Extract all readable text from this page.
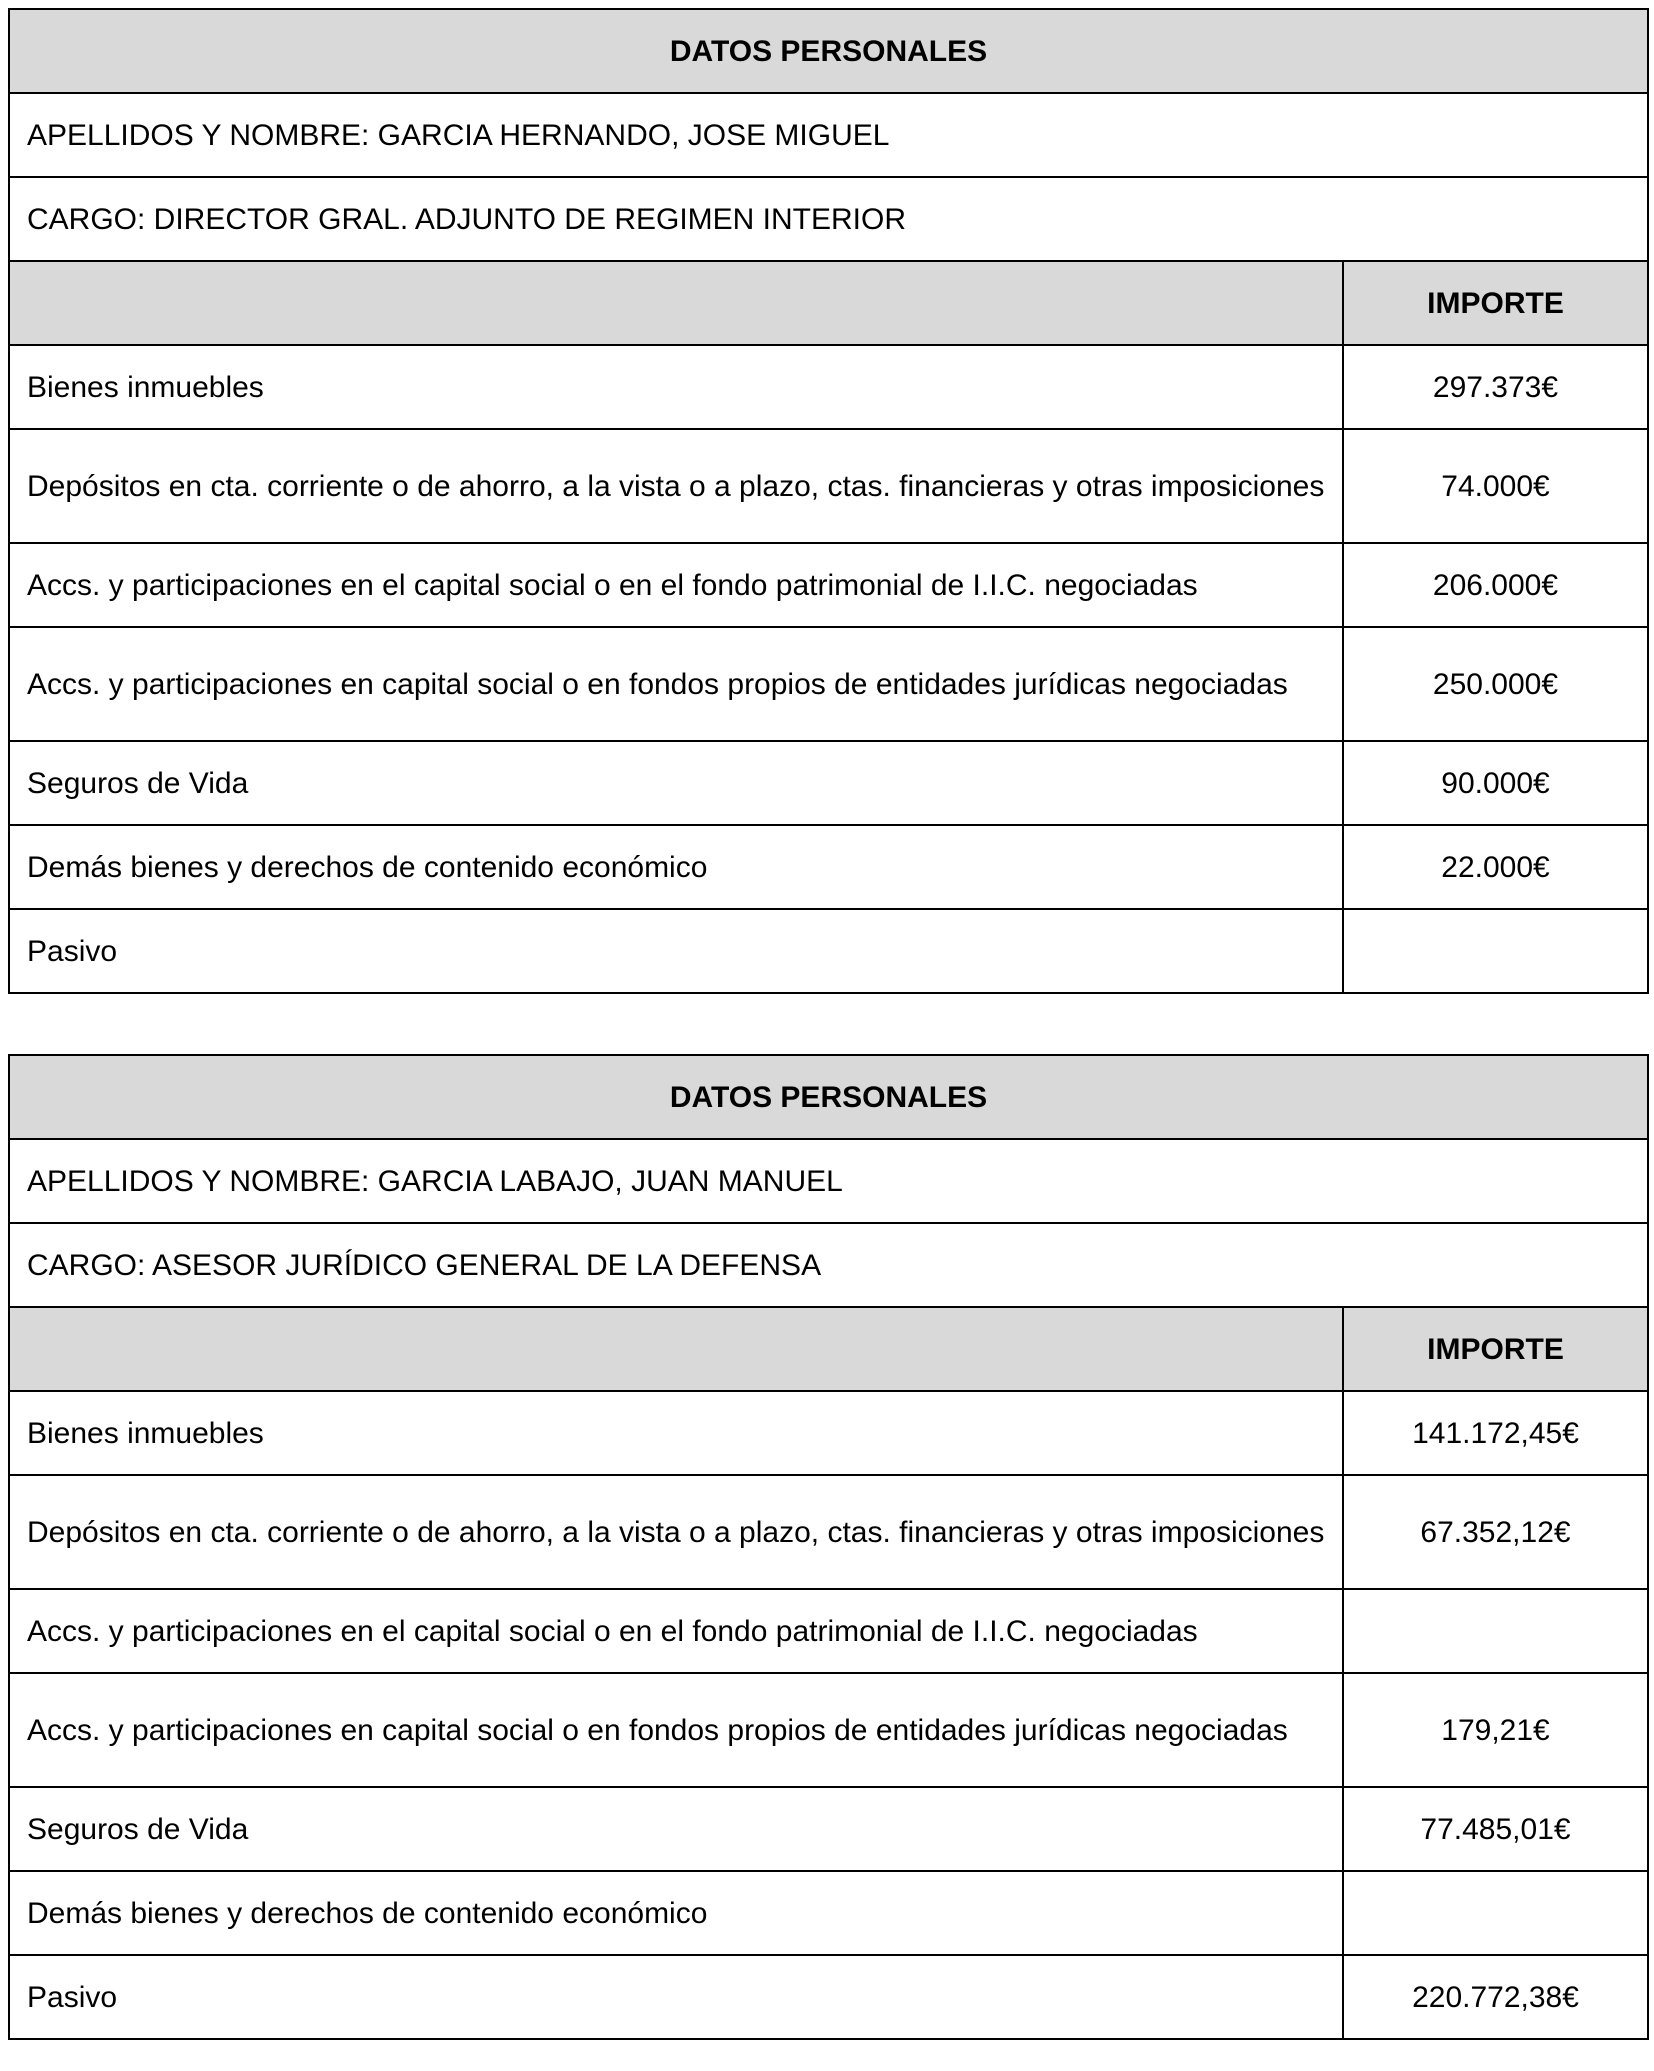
DATOS PERSONALES	
APELLIDOS Y NOMBRE: GARCIA HERNANDO, JOSE MIGUEL	
CARGO: DIRECTOR GRAL. ADJUNTO DE REGIMEN INTERIOR	
	IMPORTE
Bienes inmuebles	297.373€
Depósitos en cta. corriente o de ahorro, a la vista o a plazo, ctas. financieras y otras imposiciones	74.000€
Accs. y participaciones en el capital social o en el fondo patrimonial de I.I.C. negociadas	206.000€
Accs. y participaciones en capital social o en fondos propios de entidades jurídicas negociadas	250.000€
Seguros de Vida	90.000€
Demás bienes y derechos de contenido económico	22.000€
Pasivo	
DATOS PERSONALES	
APELLIDOS Y NOMBRE: GARCIA LABAJO, JUAN MANUEL	
CARGO: ASESOR JURÍDICO GENERAL DE LA DEFENSA	
	IMPORTE
Bienes inmuebles	141.172,45€
Depósitos en cta. corriente o de ahorro, a la vista o a plazo, ctas. financieras y otras imposiciones	67.352,12€
Accs. y participaciones en el capital social o en el fondo patrimonial de I.I.C. negociadas	
Accs. y participaciones en capital social o en fondos propios de entidades jurídicas negociadas	179,21€
Seguros de Vida	77.485,01€
Demás bienes y derechos de contenido económico	
Pasivo	220.772,38€
